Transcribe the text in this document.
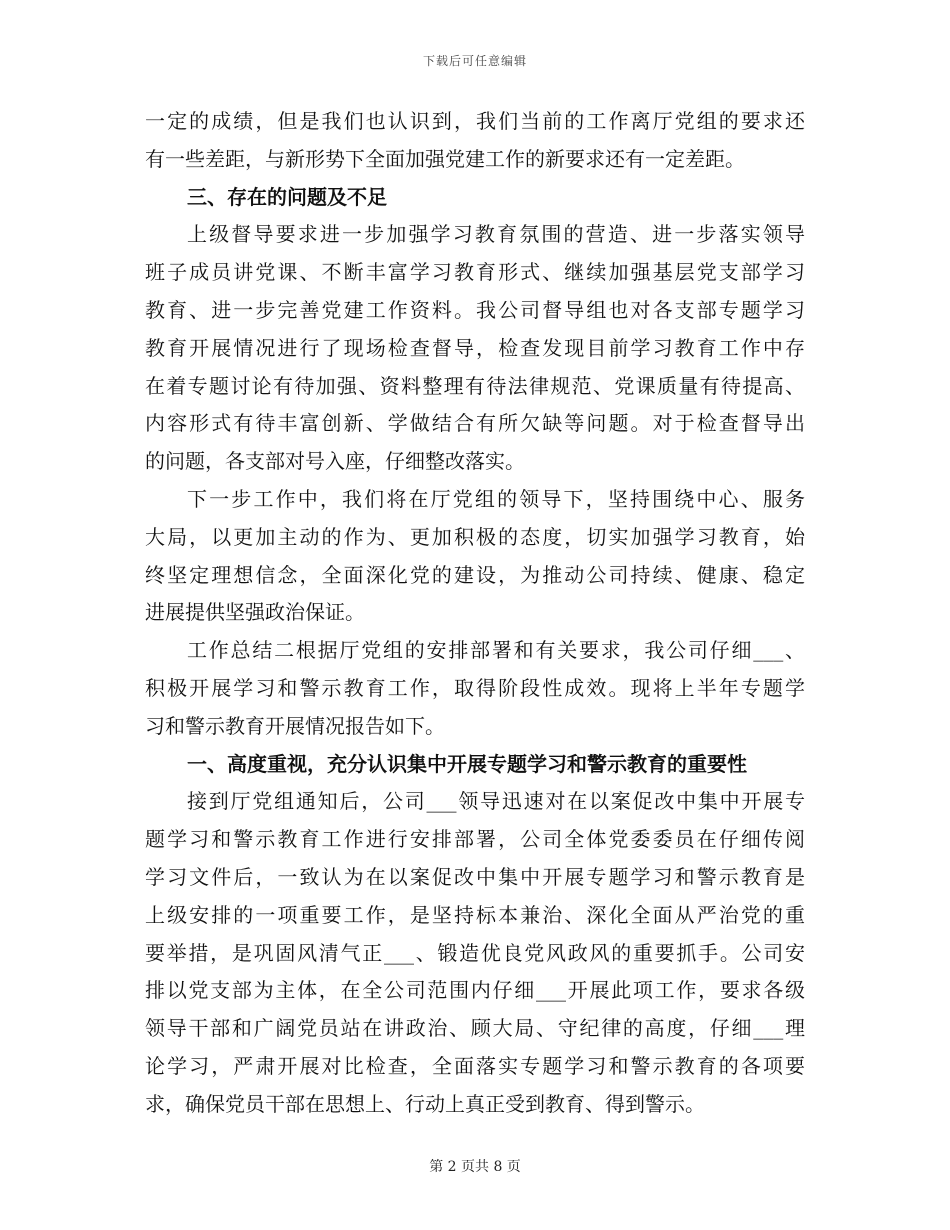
下载后可任意编辑
一定的成绩，但是我们也认识到，我们当前的工作离厅党组的要求还
有一些差距，与新形势下全面加强党建工作的新要求还有一定差距。
三、存在的问题及不足
上级督导要求进一步加强学习教育氛围的营造、进一步落实领导
班子成员讲党课、不断丰富学习教育形式、继续加强基层党支部学习
教育、进一步完善党建工作资料。我公司督导组也对各支部专题学习
教育开展情况进行了现场检查督导，检查发现目前学习教育工作中存
在着专题讨论有待加强、资料整理有待法律规范、党课质量有待提高、
内容形式有待丰富创新、学做结合有所欠缺等问题。对于检查督导出
的问题，各支部对号入座，仔细整改落实。
下一步工作中，我们将在厅党组的领导下，坚持围绕中心、服务
大局，以更加主动的作为、更加积极的态度，切实加强学习教育，始
终坚定理想信念，全面深化党的建设，为推动公司持续、健康、稳定
进展提供坚强政治保证。
工作总结二根据厅党组的安排部署和有关要求，我公司仔细___、
积极开展学习和警示教育工作，取得阶段性成效。现将上半年专题学
习和警示教育开展情况报告如下。
一、高度重视，充分认识集中开展专题学习和警示教育的重要性
接到厅党组通知后，公司___领导迅速对在以案促改中集中开展专
题学习和警示教育工作进行安排部署，公司全体党委委员在仔细传阅
学习文件后，一致认为在以案促改中集中开展专题学习和警示教育是
上级安排的一项重要工作，是坚持标本兼治、深化全面从严治党的重
要举措，是巩固风清气正___、锻造优良党风政风的重要抓手。公司安
排以党支部为主体，在全公司范围内仔细___开展此项工作，要求各级
领导干部和广阔党员站在讲政治、顾大局、守纪律的高度，仔细___理
论学习，严肃开展对比检查，全面落实专题学习和警示教育的各项要
求，确保党员干部在思想上、行动上真正受到教育、得到警示。
第 2 页共 8 页
